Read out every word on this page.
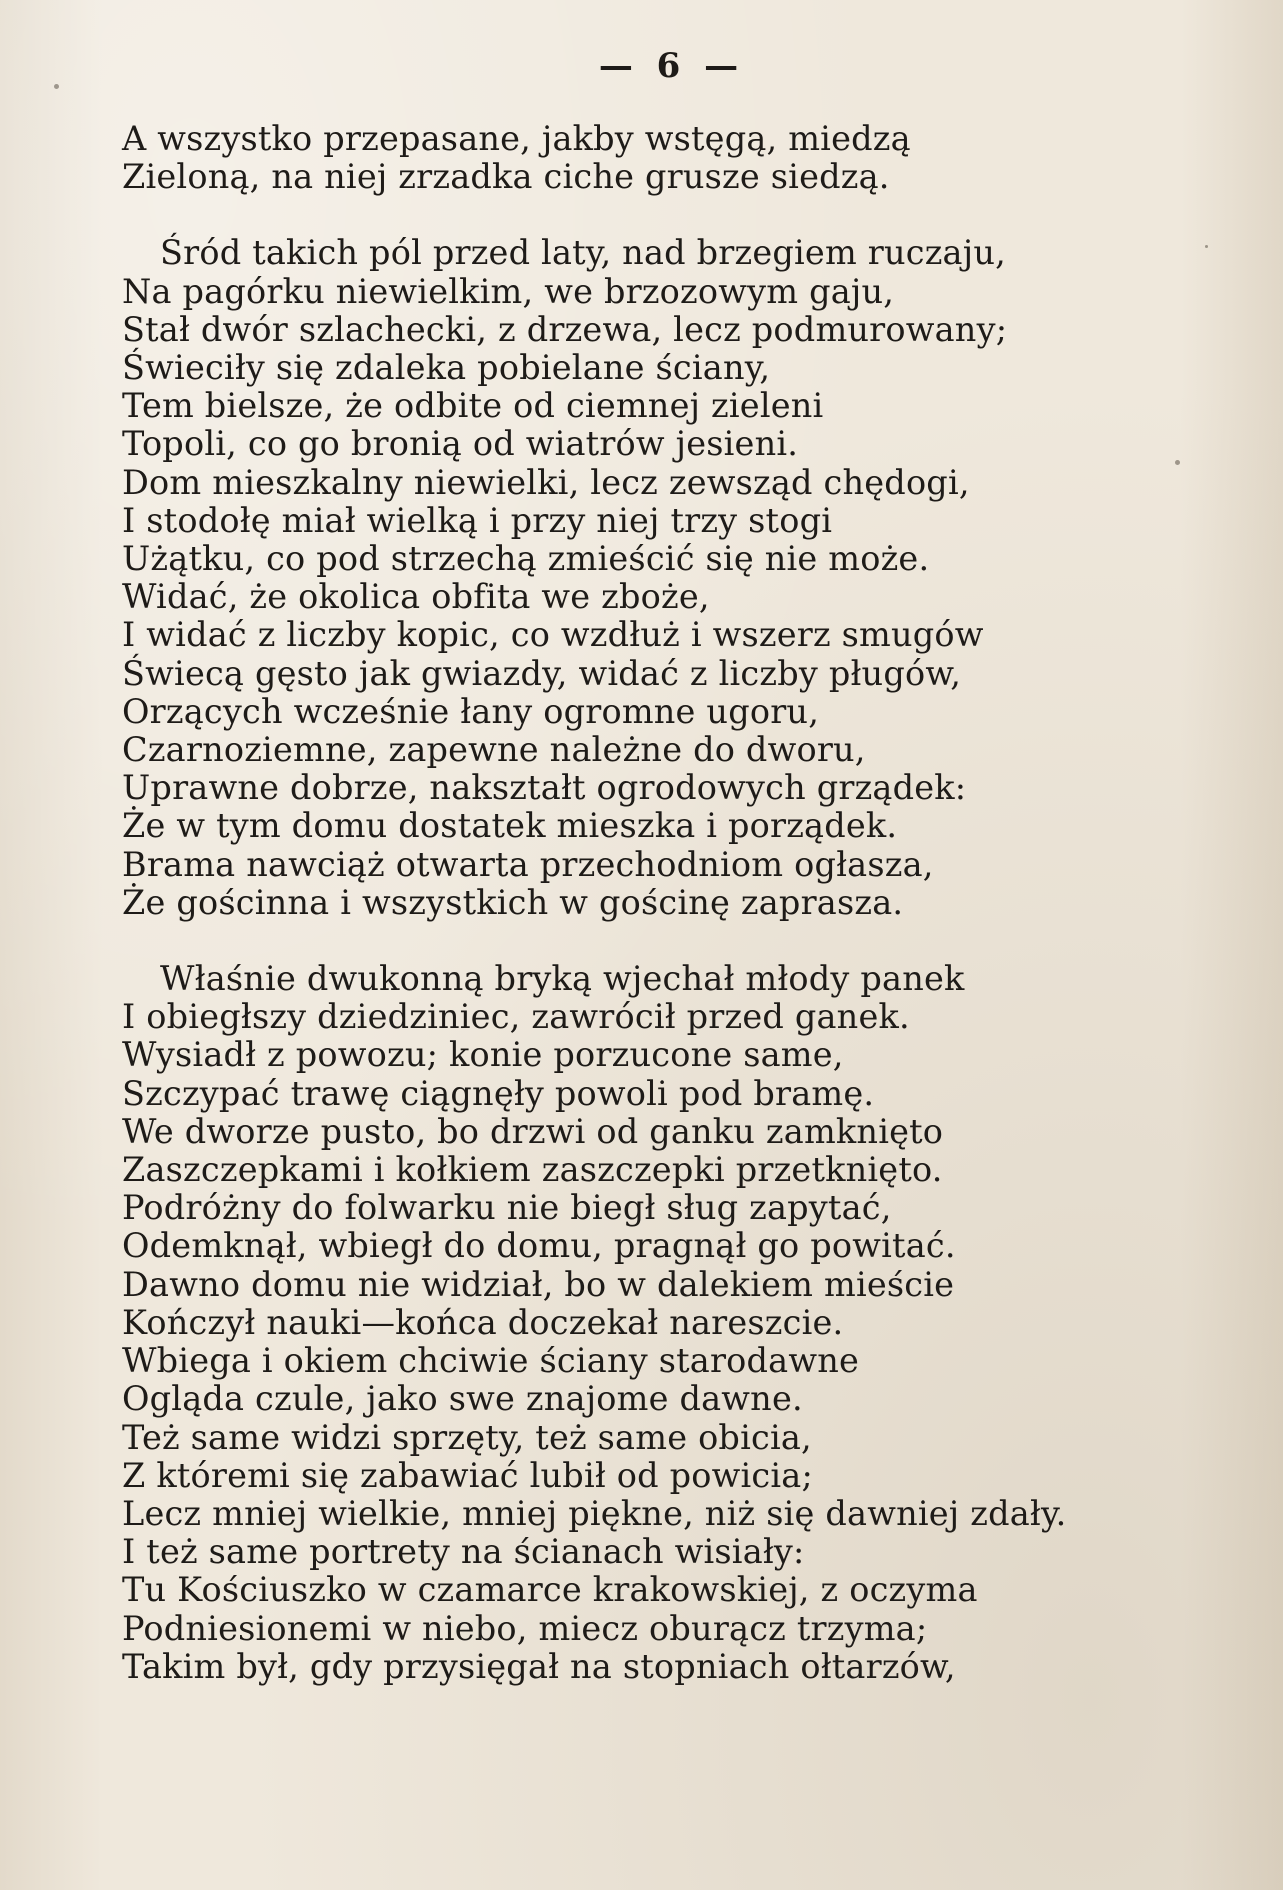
— 6 —
A wszystko przepasane, jakby wstęgą, miedzą
Zieloną, na niej zrzadka ciche grusze siedzą.
Śród takich pól przed laty, nad brzegiem ruczaju,
Na pagórku niewielkim, we brzozowym gaju,
Stał dwór szlachecki, z drzewa, lecz podmurowany;
Świeciły się zdaleka pobielane ściany,
Tem bielsze, że odbite od ciemnej zieleni
Topoli, co go bronią od wiatrów jesieni.
Dom mieszkalny niewielki, lecz zewsząd chędogi,
I stodołę miał wielką i przy niej trzy stogi
Użątku, co pod strzechą zmieścić się nie może.
Widać, że okolica obfita we zboże,
I widać z liczby kopic, co wzdłuż i wszerz smugów
Świecą gęsto jak gwiazdy, widać z liczby pługów,
Orzących wcześnie łany ogromne ugoru,
Czarnoziemne, zapewne należne do dworu,
Uprawne dobrze, nakształt ogrodowych grządek:
Że w tym domu dostatek mieszka i porządek.
Brama nawciąż otwarta przechodniom ogłasza,
Że gościnna i wszystkich w gościnę zaprasza.
Właśnie dwukonną bryką wjechał młody panek
I obiegłszy dziedziniec, zawrócił przed ganek.
Wysiadł z powozu; konie porzucone same,
Szczypać trawę ciągnęły powoli pod bramę.
We dworze pusto, bo drzwi od ganku zamknięto
Zaszczepkami i kołkiem zaszczepki przetknięto.
Podróżny do folwarku nie biegł sług zapytać,
Odemknął, wbiegł do domu, pragnął go powitać.
Dawno domu nie widział, bo w dalekiem mieście
Kończył nauki—końca doczekał nareszcie.
Wbiega i okiem chciwie ściany starodawne
Ogląda czule, jako swe znajome dawne.
Też same widzi sprzęty, też same obicia,
Z któremi się zabawiać lubił od powicia;
Lecz mniej wielkie, mniej piękne, niż się dawniej zdały.
I też same portrety na ścianach wisiały:
Tu Kościuszko w czamarce krakowskiej, z oczyma
Podniesionemi w niebo, miecz oburącz trzyma;
Takim był, gdy przysięgał na stopniach ołtarzów,
